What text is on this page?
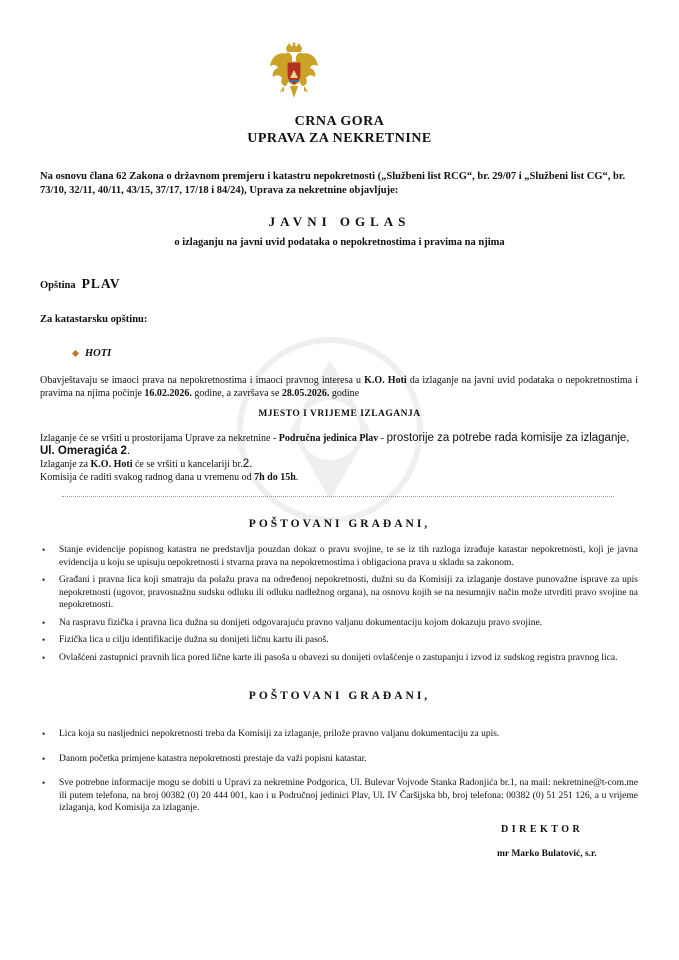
CRNA GORA
UPRAVA ZA NEKRETNINE
Na osnovu člana 62 Zakona o državnom premjeru i katastru nepokretnosti („Službeni list RCG“, br. 29/07 i „Službeni list CG“, br. 73/10, 32/11, 40/11, 43/15, 37/17, 17/18 i 84/24), Uprava za nekretnine objavljuje:
JAVNI OGLAS
o izlaganju na javni uvid podataka o nepokretnostima i pravima na njima
Opština PLAV
Za katastarsku opštinu:
HOTI
Obavještavaju se imaoci prava na nepokretnostima i imaoci pravnog interesa u K.O. Hoti da izlaganje na javni uvid podataka o nepokretnostima i pravima na njima počinje 16.02.2026. godine, a završava se 28.05.2026. godine
MJESTO I VRIJEME IZLAGANJA
Izlaganje će se vršiti u prostorijama Uprave za nekretnine - Područna jedinica Plav - prostorije za potrebe rada komisije za izlaganje, Ul. Omeragića 2.
Izlaganje za K.O. Hoti će se vršiti u kancelariji br.2.
Komisija će raditi svakog radnog dana u vremenu od 7h do 15h.
POŠTOVANI GRAĐANI,
• Stanje evidencije popisnog katastra ne predstavlja pouzdan dokaz o pravu svojine, te se iz tih razloga izrađuje katastar nepokretnosti, koji je javna evidencija u koju se upisuju nepokretnosti i stvarna prava na nepokretnostima i obligaciona prava u skladu sa zakonom.
• Građani i pravna lica koji smatraju da polažu prava na određenoj nepokretnosti, dužni su da Komisiji za izlaganje dostave punovažne isprave za upis nepokretnosti (ugovor, pravosnažnu sudsku odluku ili odluku nadležnog organa), na osnovu kojih se na nesumnjiv način može utvrditi pravo svojine na nepokretnosti.
• Na raspravu fizička i pravna lica dužna su donijeti odgovarajuću pravno valjanu dokumentaciju kojom dokazuju pravo svojine.
• Fizička lica u cilju identifikacije dužna su donijeti ličnu kartu ili pasoš.
• Ovlašćeni zastupnici pravnih lica pored lične karte ili pasoša u obavezi su donijeti ovlašćenje o zastupanju i izvod iz sudskog registra pravnog lica.
POŠTOVANI GRAĐANI,
• Lica koja su nasljednici nepokretnosti treba da Komisiji za izlaganje, prilože pravno valjanu dokumentaciju za upis.
• Danom početka primjene katastra nepokretnosti prestaje da važi popisni katastar.
• Sve potrebne informacije mogu se dobiti u Upravi za nekretnine Podgorica, Ul. Bulevar Vojvode Stanka Radonjića br.1, na mail: nekretnine@t-com.me ili putem telefona, na broj 00382 (0) 20 444 001, kao i u Područnoj jedinici Plav, Ul. IV Čaršijska bb, broj telefona: 00382 (0) 51 251 126, a u vrijeme izlaganja, kod Komisija za izlaganje.
DIREKTOR
mr Marko Bulatović, s.r.
